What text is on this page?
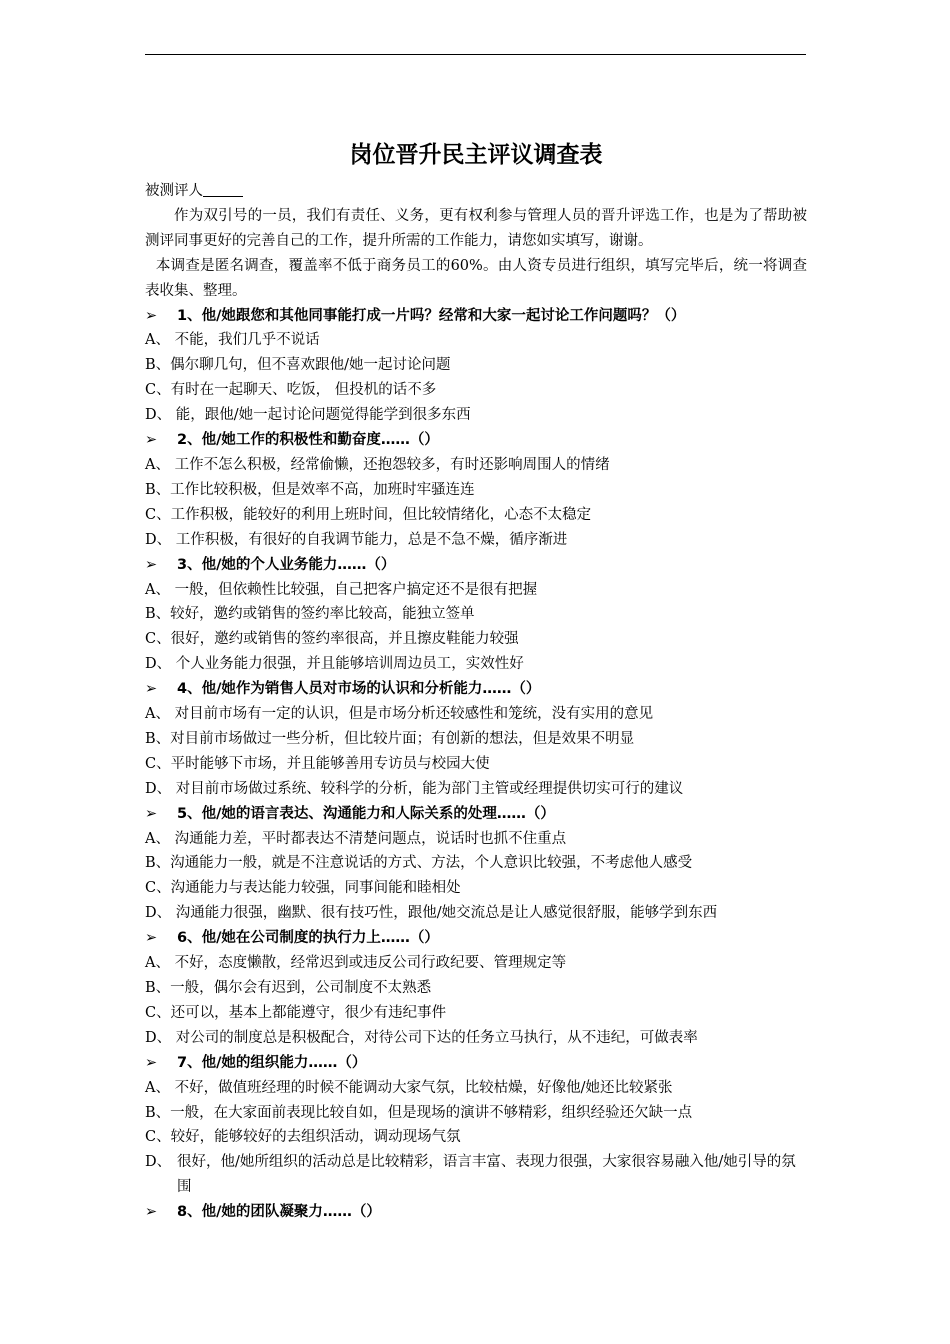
岗位晋升民主评议调查表
被测评人
作为双引号的一员，我们有责任、义务，更有权利参与管理人员的晋升评选工作，也是为了帮助被测评同事更好的完善自己的工作，提升所需的工作能力，请您如实填写，谢谢。
本调查是匿名调查，覆盖率不低于商务员工的60%。由人资专员进行组织，填写完毕后，统一将调查表收集、整理。
➢ 1、他/她跟您和其他同事能打成一片吗？经常和大家一起讨论工作问题吗？（）
A、 不能，我们几乎不说话
B、 偶尔聊几句，但不喜欢跟他/她一起讨论问题
C、 有时在一起聊天、吃饭， 但投机的话不多
D、 能，跟他/她一起讨论问题觉得能学到很多东西
➢ 2、他/她工作的积极性和勤奋度……（）
A、 工作不怎么积极，经常偷懒，还抱怨较多，有时还影响周围人的情绪
B、 工作比较积极，但是效率不高，加班时牢骚连连
C、 工作积极，能较好的利用上班时间，但比较情绪化，心态不太稳定
D、 工作积极，有很好的自我调节能力，总是不急不燥，循序渐进
➢ 3、他/她的个人业务能力……（）
A、 一般，但依赖性比较强，自己把客户搞定还不是很有把握
B、 较好，邀约或销售的签约率比较高，能独立签单
C、 很好，邀约或销售的签约率很高，并且擦皮鞋能力较强
D、 个人业务能力很强，并且能够培训周边员工，实效性好
➢ 4、他/她作为销售人员对市场的认识和分析能力……（）
A、 对目前市场有一定的认识，但是市场分析还较感性和笼统，没有实用的意见
B、 对目前市场做过一些分析，但比较片面；有创新的想法，但是效果不明显
C、 平时能够下市场，并且能够善用专访员与校园大使
D、 对目前市场做过系统、较科学的分析，能为部门主管或经理提供切实可行的建议
➢ 5、他/她的语言表达、沟通能力和人际关系的处理……（）
A、 沟通能力差，平时都表达不清楚问题点，说话时也抓不住重点
B、 沟通能力一般，就是不注意说话的方式、方法，个人意识比较强，不考虑他人感受
C、 沟通能力与表达能力较强，同事间能和睦相处
D、 沟通能力很强，幽默、很有技巧性，跟他/她交流总是让人感觉很舒服，能够学到东西
➢ 6、他/她在公司制度的执行力上……（）
A、 不好，态度懒散，经常迟到或违反公司行政纪要、管理规定等
B、 一般，偶尔会有迟到，公司制度不太熟悉
C、 还可以，基本上都能遵守，很少有违纪事件
D、 对公司的制度总是积极配合，对待公司下达的任务立马执行，从不违纪，可做表率
➢ 7、他/她的组织能力……（）
A、 不好，做值班经理的时候不能调动大家气氛，比较枯燥，好像他/她还比较紧张
B、 一般，在大家面前表现比较自如，但是现场的演讲不够精彩，组织经验还欠缺一点
C、 较好，能够较好的去组织活动，调动现场气氛
D、 很好，他/她所组织的活动总是比较精彩，语言丰富、表现力很强，大家很容易融入他/她引导的氛围
➢ 8、他/她的团队凝聚力……（）
